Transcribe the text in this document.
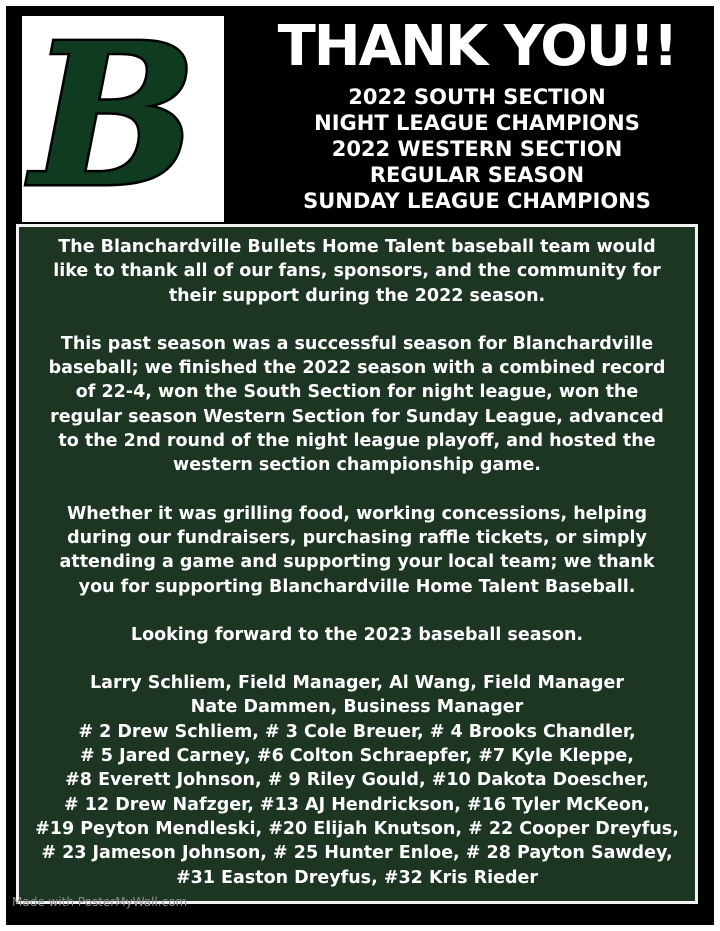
B	THANK YOU!!
2022 SOUTH SECTION
NIGHT LEAGUE CHAMPIONS
2022 WESTERN SECTION
REGULAR SEASON
SUNDAY LEAGUE CHAMPIONS

The Blanchardville Bullets Home Talent baseball team would
like to thank all of our fans, sponsors, and the community for
their support during the 2022 season.

This past season was a successful season for Blanchardville
baseball; we finished the 2022 season with a combined record
of 22-4, won the South Section for night league, won the
regular season Western Section for Sunday League, advanced
to the 2nd round of the night league playoff, and hosted the
western section championship game.

Whether it was grilling food, working concessions, helping
during our fundraisers, purchasing raffle tickets, or simply
attending a game and supporting your local team; we thank
you for supporting Blanchardville Home Talent Baseball.

Looking forward to the 2023 baseball season.

Larry Schliem, Field Manager, Al Wang, Field Manager
Nate Dammen, Business Manager
# 2 Drew Schliem, # 3 Cole Breuer, # 4 Brooks Chandler,
# 5 Jared Carney, #6 Colton Schraepfer, #7 Kyle Kleppe,
#8 Everett Johnson, # 9 Riley Gould, #10 Dakota Doescher,
# 12 Drew Nafzger, #13 AJ Hendrickson, #16 Tyler McKeon,
#19 Peyton Mendleski, #20 Elijah Knutson, # 22 Cooper Dreyfus,
# 23 Jameson Johnson, # 25 Hunter Enloe, # 28 Payton Sawdey,
#31 Easton Dreyfus, #32 Kris Rieder

Made with PosterMyWall.com
